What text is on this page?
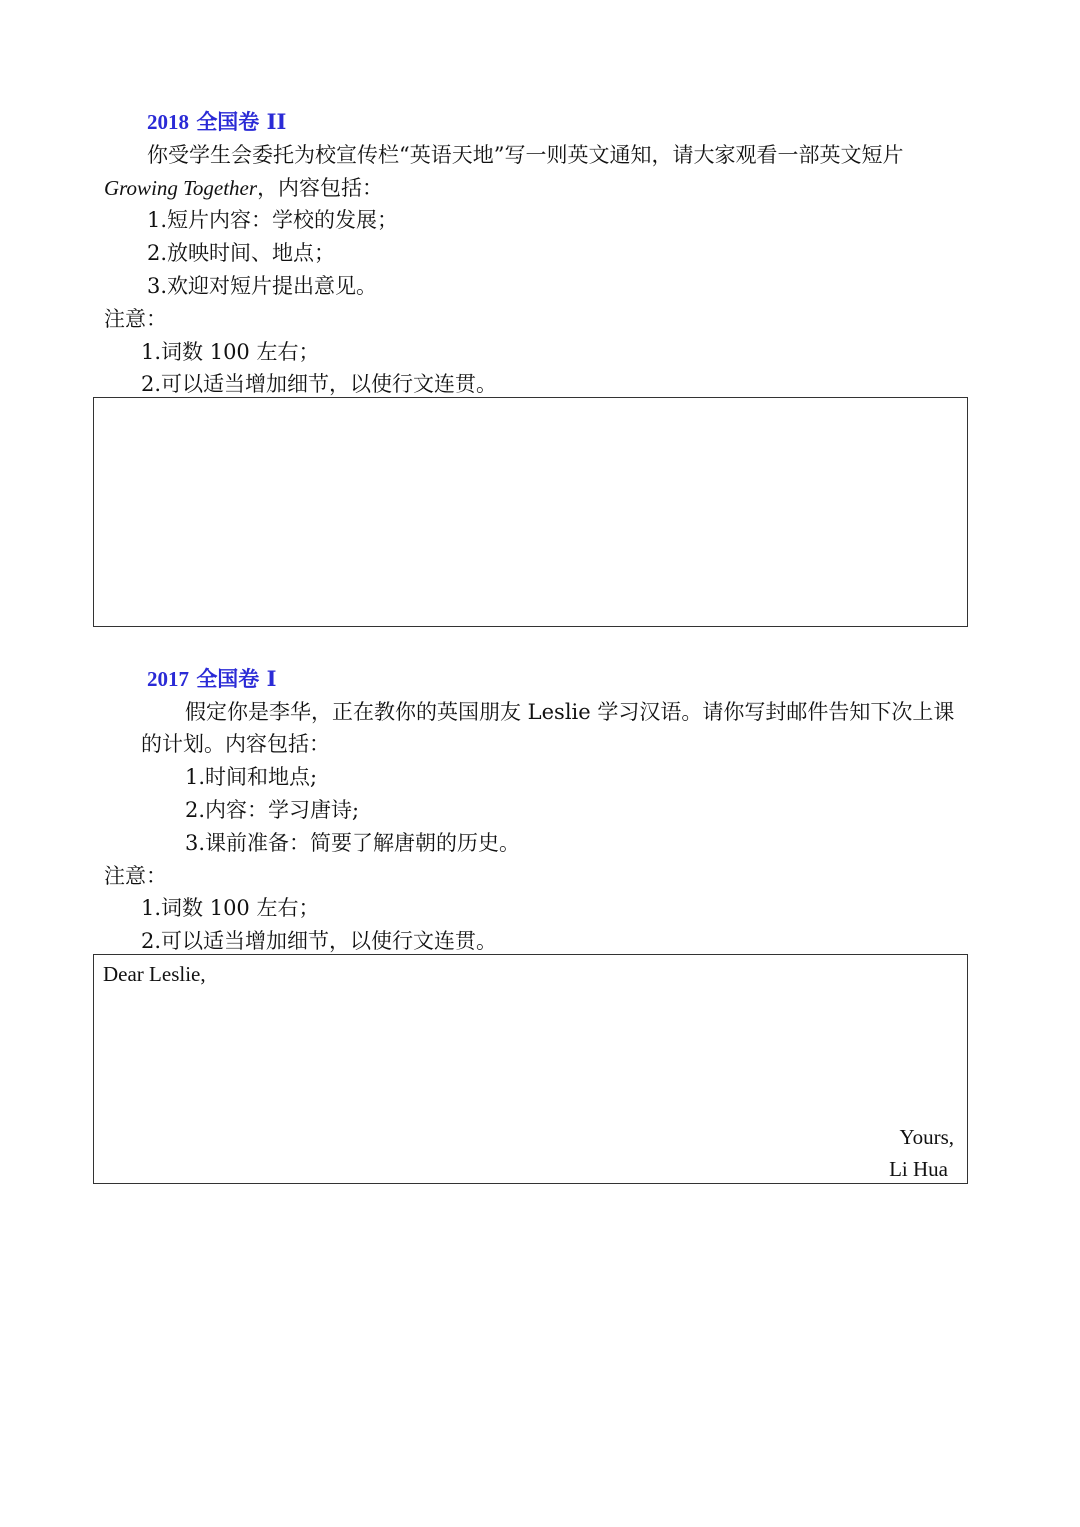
2018 全国卷 II
你受学生会委托为校宣传栏“英语天地”写一则英文通知，请大家观看一部英文短片
Growing Together，内容包括：
1.短片内容：学校的发展；
2.放映时间、地点；
3.欢迎对短片提出意见。
注意：
1.词数 100 左右；
2.可以适当增加细节，以使行文连贯。
2017 全国卷 I
假定你是李华，正在教你的英国朋友 Leslie 学习汉语。请你写封邮件告知下次上课
的计划。内容包括：
1.时间和地点;
2.内容：学习唐诗;
3.课前准备：简要了解唐朝的历史。
注意：
1.词数 100 左右；
2.可以适当增加细节，以使行文连贯。
Dear Leslie,
Yours,
Li Hua
